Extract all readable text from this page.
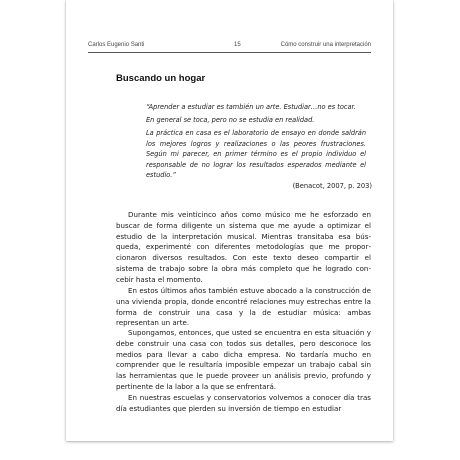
Carlos Eugenio Santi	15	Cómo construir una interpretación
Buscando un hogar
“Aprender a estudiar es también un arte. Estudiar…no es tocar.
En general se toca, pero no se estudia en realidad.
La práctica en casa es el laboratorio de ensayo en donde saldrán los mejores logros y realizaciones o las peores frustraciones. Según mi parecer, en primer término es el propio individuo el responsable de no lograr los resultados esperados mediante el estudio.”
(Benacot, 2007, p. 203)
Durante mis veinticinco años como músico me he esforzado en buscar de forma diligente un sistema que me ayude a optimizar el estudio de la interpretación musical. Mientras transitaba esa búsqueda, experimenté con diferentes metodologías que me proporcionaron diversos resultados. Con este texto deseo compartir el sistema de trabajo sobre la obra más completo que he logrado concebir hasta el momento.
En estos últimos años también estuve abocado a la construcción de una vivienda propia, donde encontré relaciones muy estrechas entre la forma de construir una casa y la de estudiar música: ambas representan un arte.
Supongamos, entonces, que usted se encuentra en esta situación y debe construir una casa con todos sus detalles, pero desconoce los medios para llevar a cabo dicha empresa. No tardaría mucho en comprender que le resultaría imposible empezar un trabajo cabal sin las herramientas que le puede proveer un análisis previo, profundo y pertinente de la labor a la que se enfrentará.
En nuestras escuelas y conservatorios volvemos a conocer día tras día estudiantes que pierden su inversión de tiempo en estudiar
